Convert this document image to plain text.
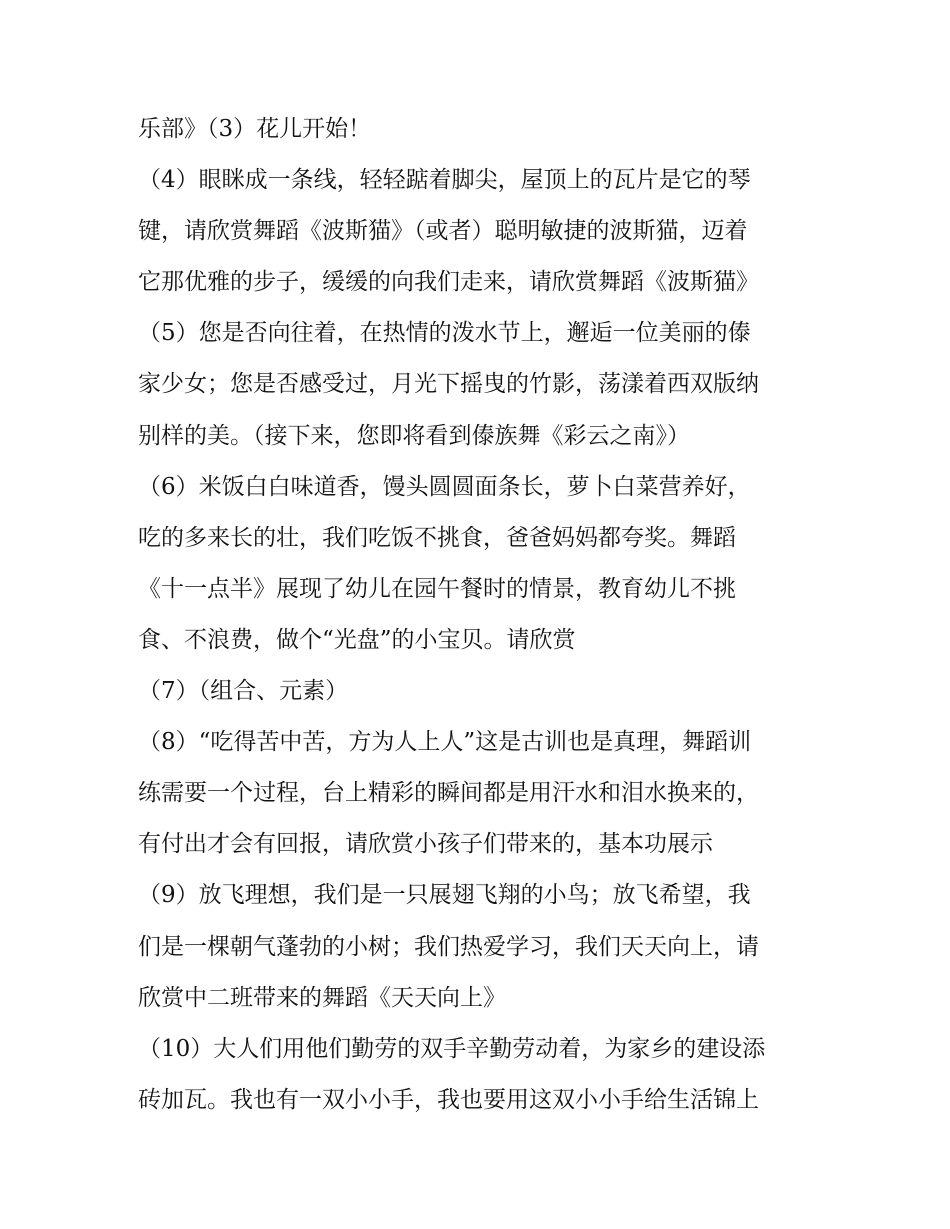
乐部》（3）花儿开始！
（4）眼眯成一条线，轻轻踮着脚尖，屋顶上的瓦片是它的琴
键，请欣赏舞蹈《波斯猫》（或者）聪明敏捷的波斯猫，迈着
它那优雅的步子，缓缓的向我们走来，请欣赏舞蹈《波斯猫》
（5）您是否向往着，在热情的泼水节上，邂逅一位美丽的傣
家少女；您是否感受过，月光下摇曳的竹影，荡漾着西双版纳
别样的美。（接下来，您即将看到傣族舞《彩云之南》）
（6）米饭白白味道香，馒头圆圆面条长，萝卜白菜营养好，
吃的多来长的壮，我们吃饭不挑食，爸爸妈妈都夸奖。舞蹈
《十一点半》展现了幼儿在园午餐时的情景，教育幼儿不挑
食、不浪费，做个“光盘”的小宝贝。请欣赏
（7）（组合、元素）
（8）“吃得苦中苦，方为人上人”这是古训也是真理，舞蹈训
练需要一个过程，台上精彩的瞬间都是用汗水和泪水换来的，
有付出才会有回报，请欣赏小孩子们带来的，基本功展示
（9）放飞理想，我们是一只展翅飞翔的小鸟；放飞希望，我
们是一棵朝气蓬勃的小树；我们热爱学习，我们天天向上，请
欣赏中二班带来的舞蹈《天天向上》
（10）大人们用他们勤劳的双手辛勤劳动着，为家乡的建设添
砖加瓦。我也有一双小小手，我也要用这双小小手给生活锦上
